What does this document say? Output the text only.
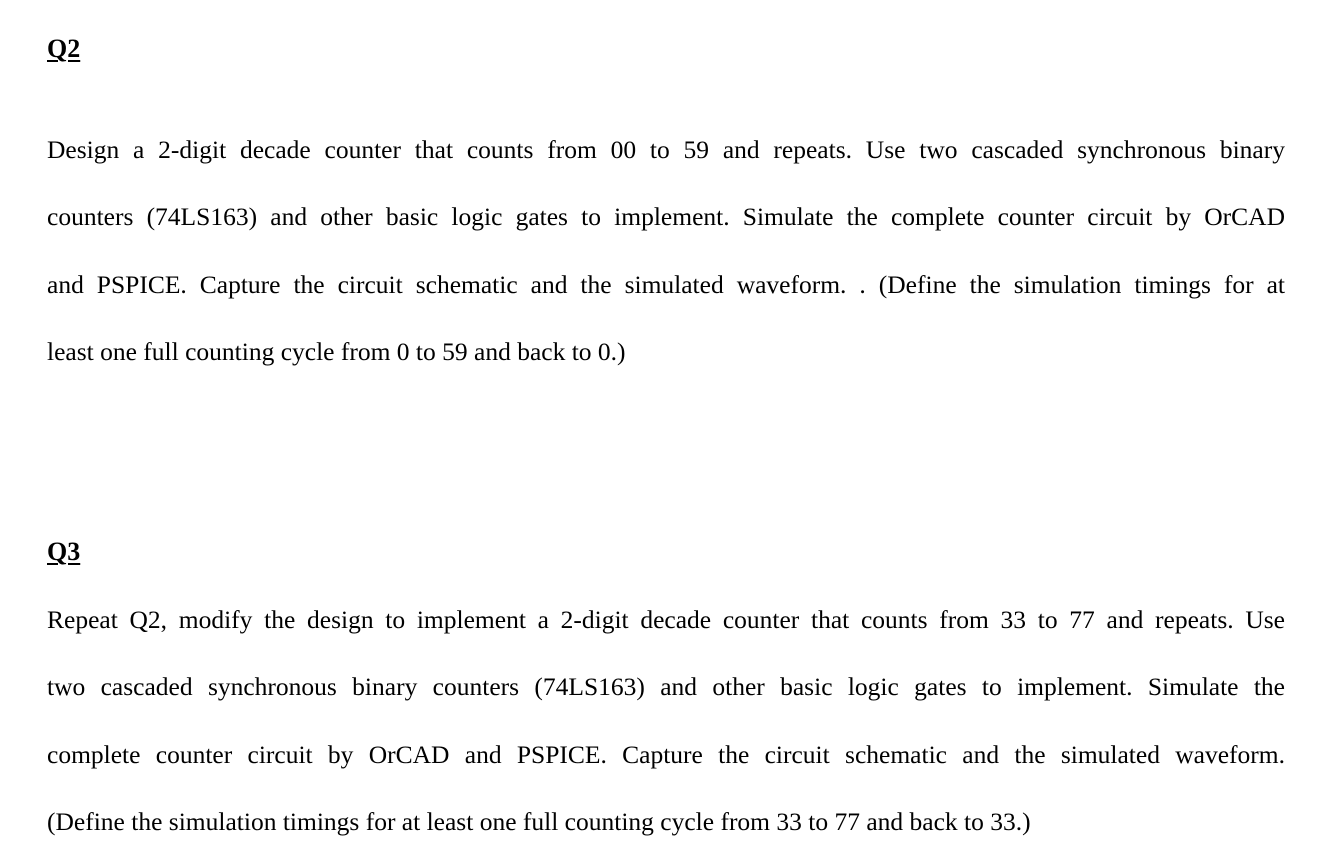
Q2

Design a 2-digit decade counter that counts from 00 to 59 and repeats. Use two cascaded synchronous binary
counters (74LS163) and other basic logic gates to implement. Simulate the complete counter circuit by OrCAD
and PSPICE. Capture the circuit schematic and the simulated waveform. . (Define the simulation timings for at
least one full counting cycle from 0 to 59 and back to 0.)

Q3

Repeat Q2, modify the design to implement a 2-digit decade counter that counts from 33 to 77 and repeats. Use
two cascaded synchronous binary counters (74LS163) and other basic logic gates to implement. Simulate the
complete counter circuit by OrCAD and PSPICE. Capture the circuit schematic and the simulated waveform.
(Define the simulation timings for at least one full counting cycle from 33 to 77 and back to 33.)
